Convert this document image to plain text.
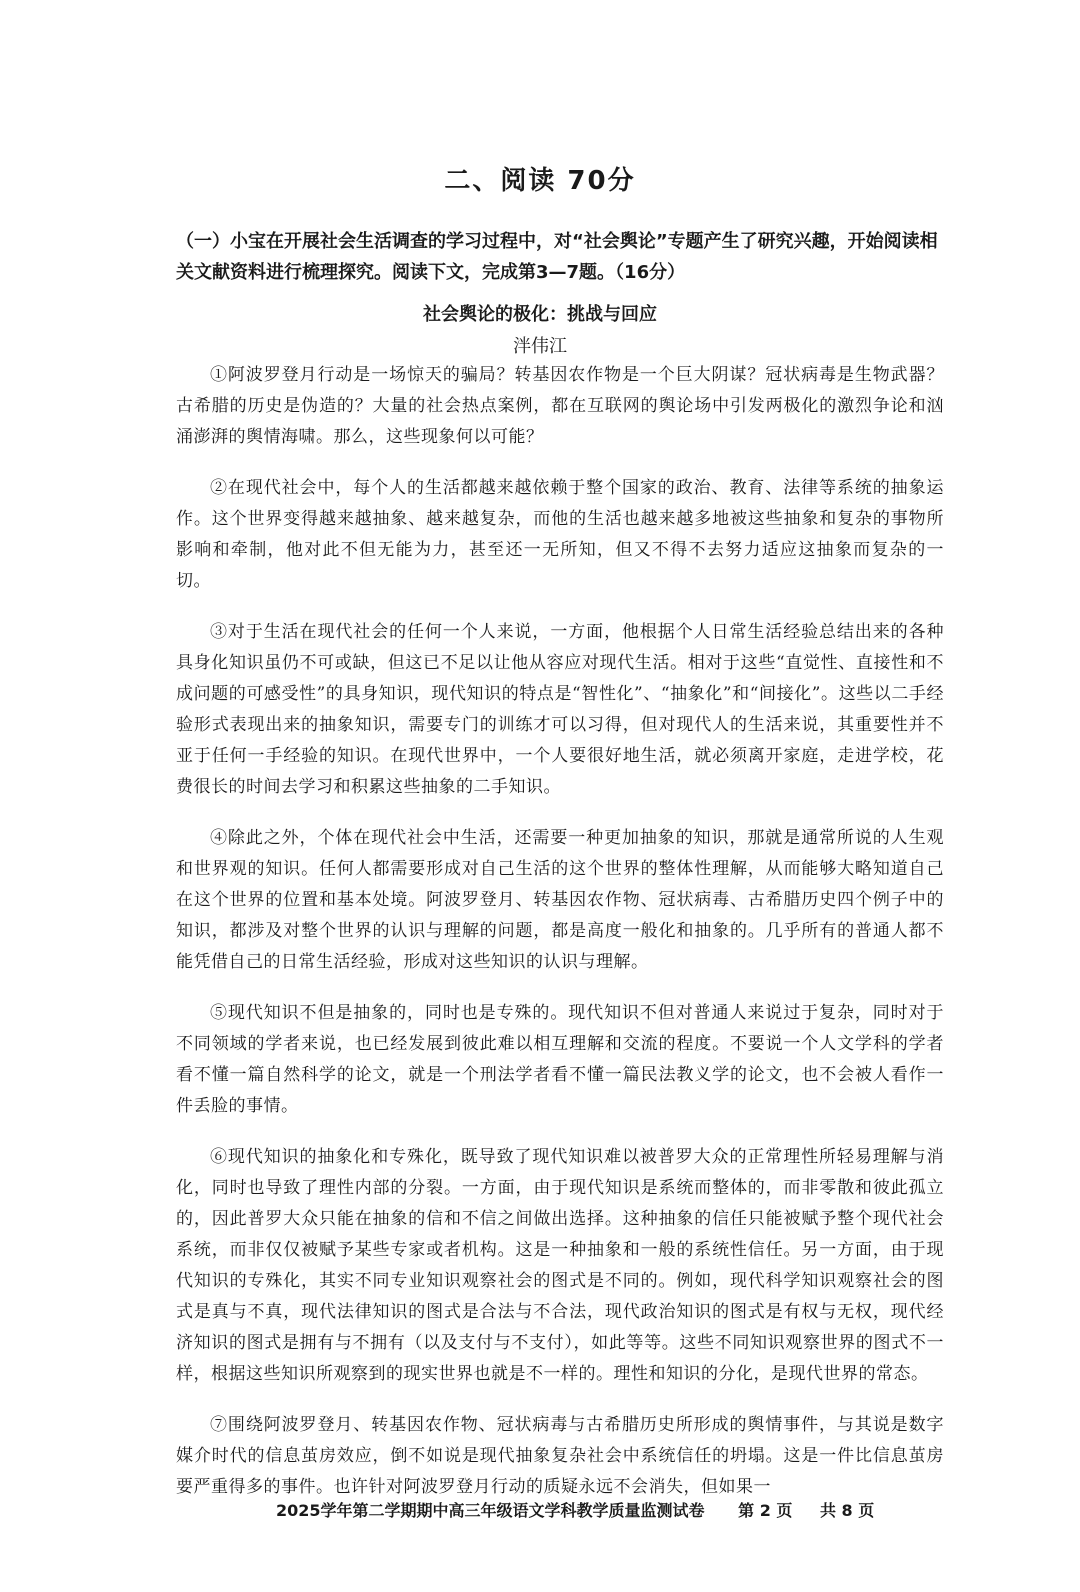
二、阅读 70分

（一）小宝在开展社会生活调查的学习过程中，对“社会舆论”专题产生了研究兴趣，开始阅读相关文献资料进行梳理探究。阅读下文，完成第3—7题。（16分）

社会舆论的极化：挑战与回应
泮伟江

①阿波罗登月行动是一场惊天的骗局？转基因农作物是一个巨大阴谋？冠状病毒是生物武器？古希腊的历史是伪造的？大量的社会热点案例，都在互联网的舆论场中引发两极化的激烈争论和汹涌澎湃的舆情海啸。那么，这些现象何以可能？

②在现代社会中，每个人的生活都越来越依赖于整个国家的政治、教育、法律等系统的抽象运作。这个世界变得越来越抽象、越来越复杂，而他的生活也越来越多地被这些抽象和复杂的事物所影响和牵制，他对此不但无能为力，甚至还一无所知，但又不得不去努力适应这抽象而复杂的一切。

③对于生活在现代社会的任何一个人来说，一方面，他根据个人日常生活经验总结出来的各种具身化知识虽仍不可或缺，但这已不足以让他从容应对现代生活。相对于这些“直觉性、直接性和不成问题的可感受性”的具身知识，现代知识的特点是“智性化”、“抽象化”和“间接化”。这些以二手经验形式表现出来的抽象知识，需要专门的训练才可以习得，但对现代人的生活来说，其重要性并不亚于任何一手经验的知识。在现代世界中，一个人要很好地生活，就必须离开家庭，走进学校，花费很长的时间去学习和积累这些抽象的二手知识。

④除此之外，个体在现代社会中生活，还需要一种更加抽象的知识，那就是通常所说的人生观和世界观的知识。任何人都需要形成对自己生活的这个世界的整体性理解，从而能够大略知道自己在这个世界的位置和基本处境。阿波罗登月、转基因农作物、冠状病毒、古希腊历史四个例子中的知识，都涉及对整个世界的认识与理解的问题，都是高度一般化和抽象的。几乎所有的普通人都不能凭借自己的日常生活经验，形成对这些知识的认识与理解。

⑤现代知识不但是抽象的，同时也是专殊的。现代知识不但对普通人来说过于复杂，同时对于不同领域的学者来说，也已经发展到彼此难以相互理解和交流的程度。不要说一个人文学科的学者看不懂一篇自然科学的论文，就是一个刑法学者看不懂一篇民法教义学的论文，也不会被人看作一件丢脸的事情。

⑥现代知识的抽象化和专殊化，既导致了现代知识难以被普罗大众的正常理性所轻易理解与消化，同时也导致了理性内部的分裂。一方面，由于现代知识是系统而整体的，而非零散和彼此孤立的，因此普罗大众只能在抽象的信和不信之间做出选择。这种抽象的信任只能被赋予整个现代社会系统，而非仅仅被赋予某些专家或者机构。这是一种抽象和一般的系统性信任。另一方面，由于现代知识的专殊化，其实不同专业知识观察社会的图式是不同的。例如，现代科学知识观察社会的图式是真与不真，现代法律知识的图式是合法与不合法，现代政治知识的图式是有权与无权，现代经济知识的图式是拥有与不拥有（以及支付与不支付），如此等等。这些不同知识观察世界的图式不一样，根据这些知识所观察到的现实世界也就是不一样的。理性和知识的分化，是现代世界的常态。

⑦围绕阿波罗登月、转基因农作物、冠状病毒与古希腊历史所形成的舆情事件，与其说是数字媒介时代的信息茧房效应，倒不如说是现代抽象复杂社会中系统信任的坍塌。这是一件比信息茧房要严重得多的事件。也许针对阿波罗登月行动的质疑永远不会消失，但如果一

2025学年第二学期期中高三年级语文学科教学质量监测试卷 第 2 页 共 8 页
